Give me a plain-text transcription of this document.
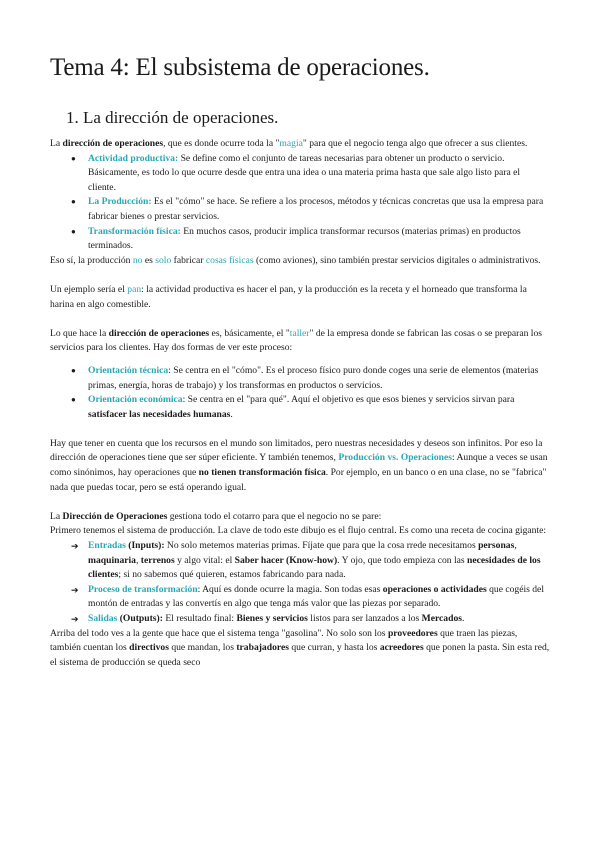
Tema 4: El subsistema de operaciones.
1. La dirección de operaciones.

La dirección de operaciones, que es donde ocurre toda la "magia" para que el negocio tenga algo que ofrecer a sus clientes.

● Actividad productiva: Se define como el conjunto de tareas necesarias para obtener un producto o servicio. Básicamente, es todo lo que ocurre desde que entra una idea o una materia prima hasta que sale algo listo para el cliente.
● La Producción: Es el "cómo" se hace. Se refiere a los procesos, métodos y técnicas concretas que usa la empresa para fabricar bienes o prestar servicios.
● Transformación física: En muchos casos, producir implica transformar recursos (materias primas) en productos terminados.

Eso sí, la producción no es solo fabricar cosas físicas (como aviones), sino también prestar servicios digitales o administrativos.

Un ejemplo sería el pan: la actividad productiva es hacer el pan, y la producción es la receta y el horneado que transforma la harina en algo comestible.

Lo que hace la dirección de operaciones es, básicamente, el "taller" de la empresa donde se fabrican las cosas o se preparan los servicios para los clientes. Hay dos formas de ver este proceso:

● Orientación técnica: Se centra en el "cómo". Es el proceso físico puro donde coges una serie de elementos (materias primas, energía, horas de trabajo) y los transformas en productos o servicios.
● Orientación económica: Se centra en el "para qué". Aquí el objetivo es que esos bienes y servicios sirvan para satisfacer las necesidades humanas.

Hay que tener en cuenta que los recursos en el mundo son limitados, pero nuestras necesidades y deseos son infinitos. Por eso la dirección de operaciones tiene que ser súper eficiente. Y también tenemos, Producción vs. Operaciones: Aunque a veces se usan como sinónimos, hay operaciones que no tienen transformación física. Por ejemplo, en un banco o en una clase, no se "fabrica" nada que puedas tocar, pero se está operando igual.

La Dirección de Operaciones gestiona todo el cotarro para que el negocio no se pare:
Primero tenemos el sistema de producción. La clave de todo este dibujo es el flujo central. Es como una receta de cocina gigante:

➔ Entradas (Inputs): No solo metemos materias primas. Fíjate que para que la cosa rrede necesitamos personas, maquinaria, terrenos y algo vital: el Saber hacer (Know-how). Y ojo, que todo empieza con las necesidades de los clientes; si no sabemos qué quieren, estamos fabricando para nada.
➔ Proceso de transformación: Aquí es donde ocurre la magia. Son todas esas operaciones o actividades que cogéis del montón de entradas y las convertís en algo que tenga más valor que las piezas por separado.
➔ Salidas (Outputs): El resultado final: Bienes y servicios listos para ser lanzados a los Mercados.

Arriba del todo ves a la gente que hace que el sistema tenga "gasolina". No solo son los proveedores que traen las piezas, también cuentan los directivos que mandan, los trabajadores que curran, y hasta los acreedores que ponen la pasta. Sin esta red, el sistema de producción se queda seco
